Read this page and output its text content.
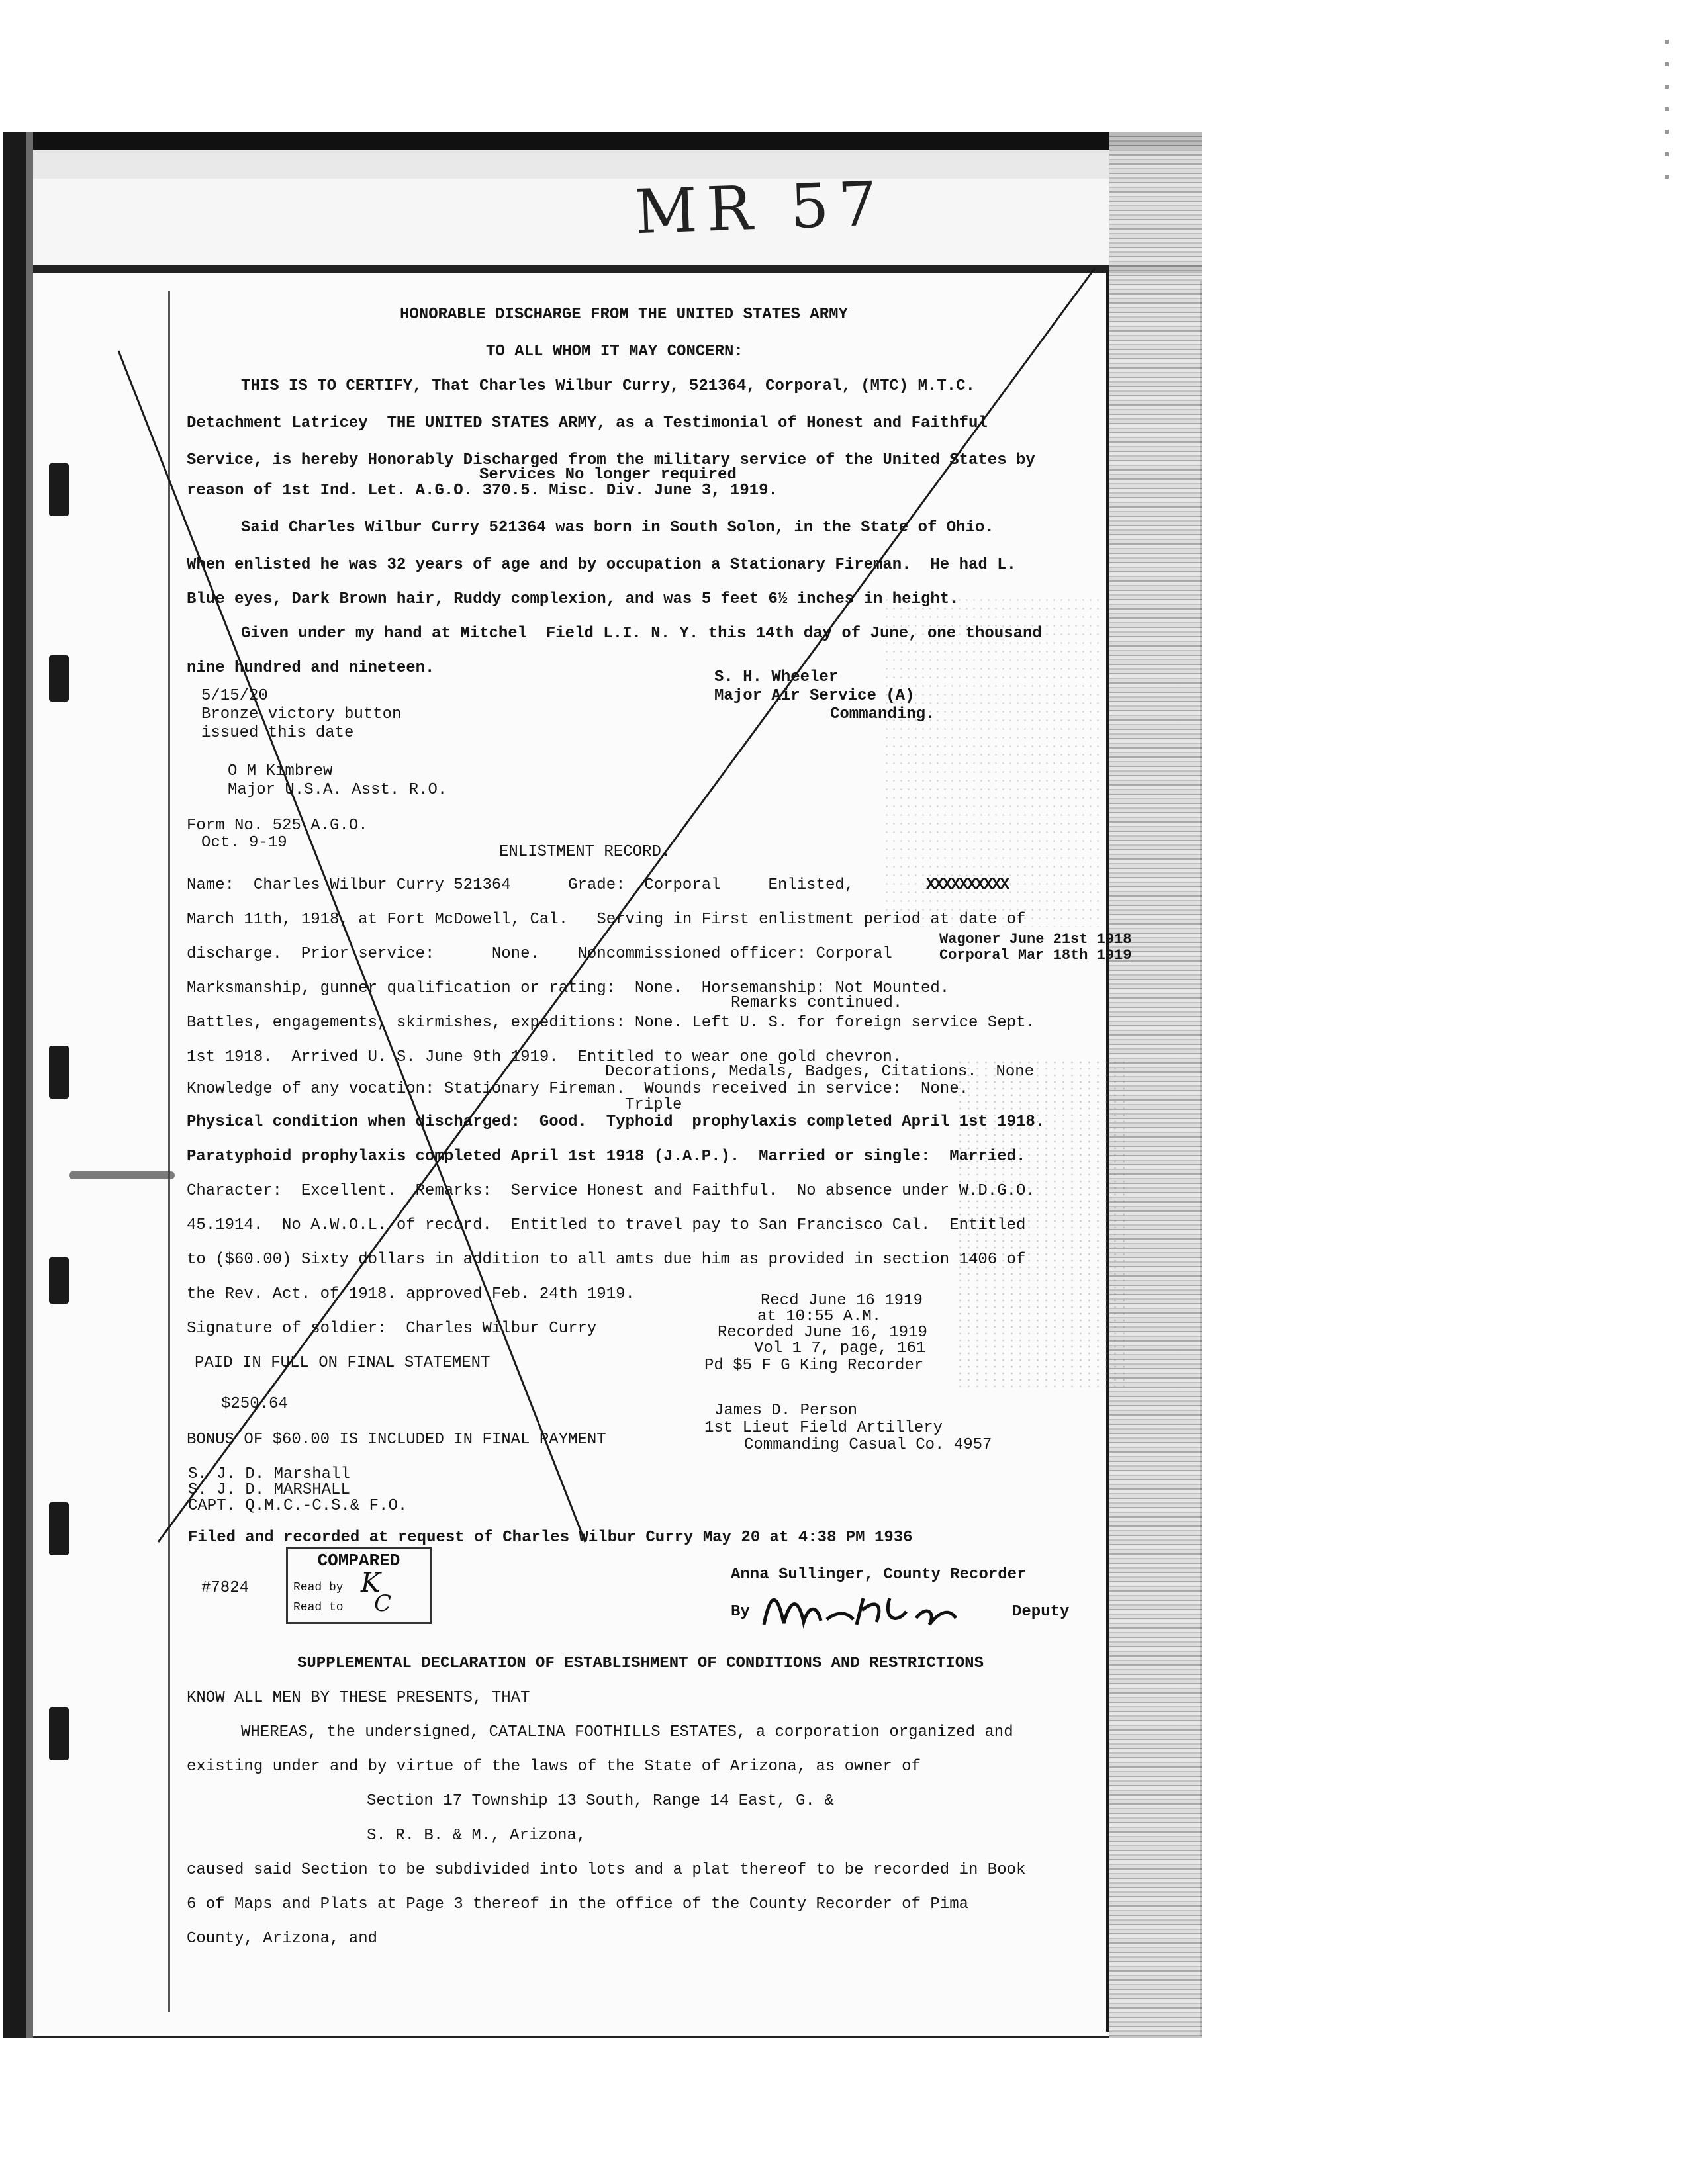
MR 57
HONORABLE DISCHARGE FROM THE UNITED STATES ARMY
TO ALL WHOM IT MAY CONCERN:
THIS IS TO CERTIFY, That Charles Wilbur Curry, 521364, Corporal, (MTC) M.T.C.
Detachment Latricey  THE UNITED STATES ARMY, as a Testimonial of Honest and Faithful
Service, is hereby Honorably Discharged from the military service of the United States by
Services No longer required
reason of 1st Ind. Let. A.G.O. 370.5. Misc. Div. June 3, 1919.
Said Charles Wilbur Curry 521364 was born in South Solon, in the State of Ohio.
When enlisted he was 32 years of age and by occupation a Stationary Fireman.  He had L.
Blue eyes, Dark Brown hair, Ruddy complexion, and was 5 feet 6½ inches in height.
Given under my hand at Mitchel  Field L.I. N. Y. this 14th day of June, one thousand
nine hundred and nineteen.
5/15/20
Bronze victory button
issued this date
S. H. Wheeler
Major Air Service (A)
Commanding.
O M Kimbrew
Major U.S.A. Asst. R.O.
Form No. 525 A.G.O.
Oct. 9-19
ENLISTMENT RECORD.
Name:  Charles Wilbur Curry 521364      Grade:  Corporal     Enlisted,	XXXXXXXXXX
March 11th, 1918, at Fort McDowell, Cal.   Serving in First enlistment period at date of
discharge.  Prior service:      None.    Noncommissioned officer: Corporal
Wagoner June 21st 1918
Corporal Mar 18th 1919
Marksmanship, gunner qualification or rating:  None.  Horsemanship: Not Mounted.
Remarks continued.
Battles, engagements, skirmishes, expeditions: None. Left U. S. for foreign service Sept.
1st 1918.  Arrived U. S. June 9th 1919.  Entitled to wear one gold chevron.
Decorations, Medals, Badges, Citations.  None
Knowledge of any vocation: Stationary Fireman.  Wounds received in service:  None.
Triple
Physical condition when discharged:  Good.  Typhoid  prophylaxis completed April 1st 1918.
Paratyphoid prophylaxis completed April 1st 1918 (J.A.P.).  Married or single:  Married.
Character:  Excellent.  Remarks:  Service Honest and Faithful.  No absence under W.D.G.O.
45.1914.  No A.W.O.L. of record.  Entitled to travel pay to San Francisco Cal.  Entitled
to ($60.00) Sixty dollars in addition to all amts due him as provided in section 1406 of
the Rev. Act. of 1918. approved Feb. 24th 1919.
Signature of soldier:  Charles Wilbur Curry
Recd June 16 1919
at 10:55 A.M.
Recorded June 16, 1919
Vol 1 7, page, 161
Pd $5 F G King Recorder
PAID IN FULL ON FINAL STATEMENT
$250.64
BONUS OF $60.00 IS INCLUDED IN FINAL PAYMENT
James D. Person
1st Lieut Field Artillery
Commanding Casual Co. 4957
S. J. D. Marshall
S. J. D. MARSHALL
CAPT. Q.M.C.-C.S.& F.O.
Filed and recorded at request of Charles Wilbur Curry May 20 at 4:38 PM 1936
#7824
COMPARED
Read by K
Read to C
Anna Sullinger, County Recorder
By	Deputy
SUPPLEMENTAL DECLARATION OF ESTABLISHMENT OF CONDITIONS AND RESTRICTIONS
KNOW ALL MEN BY THESE PRESENTS, THAT
WHEREAS, the undersigned, CATALINA FOOTHILLS ESTATES, a corporation organized and
existing under and by virtue of the laws of the State of Arizona, as owner of
Section 17 Township 13 South, Range 14 East, G. &
S. R. B. & M., Arizona,
caused said Section to be subdivided into lots and a plat thereof to be recorded in Book
6 of Maps and Plats at Page 3 thereof in the office of the County Recorder of Pima
County, Arizona, and
